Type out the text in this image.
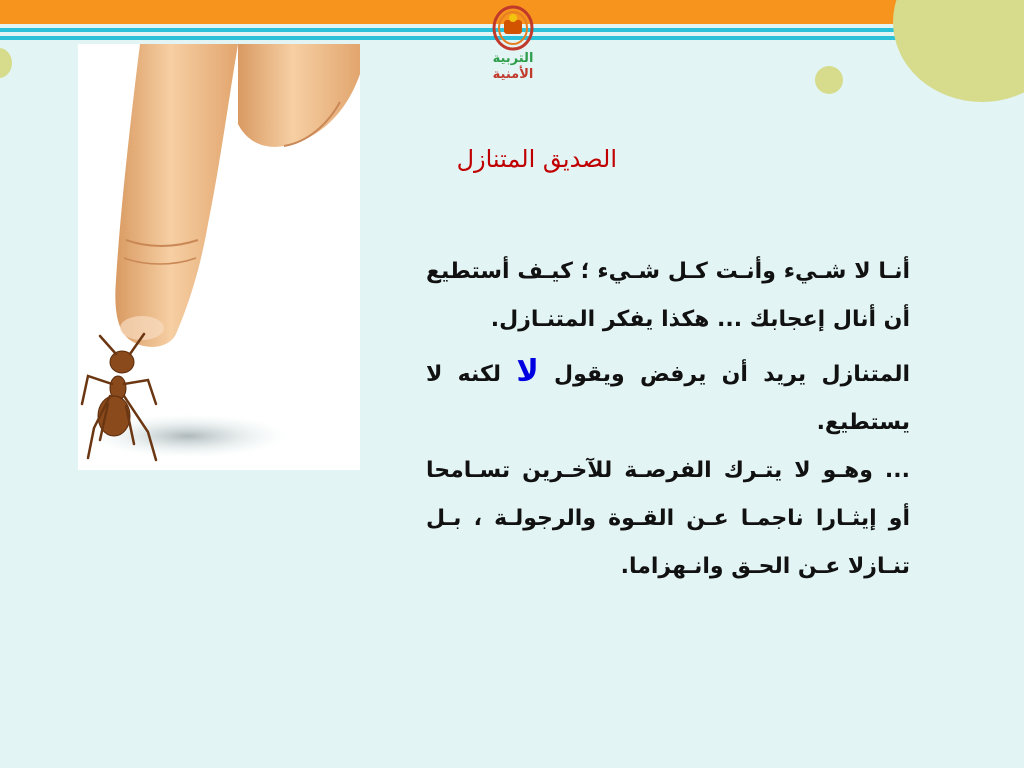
التربية
الأمنية
الصديق المتنازل

أنـا لا شـيء وأنـت كـل شـيء ؛ كيـف أستطيع أن أنال إعجابك ... هكذا يفكر المتنـازل.

المتنازل يريد أن يرفض ويقول لا لكنه لا يستطيع.

... وهـو لا يتـرك الفرصـة للآخـرين تسـامحا أو إيثـارا ناجمـا عـن القـوة والرجولـة ، بـل تنـازلا عـن الحـق وانـهزاما.
